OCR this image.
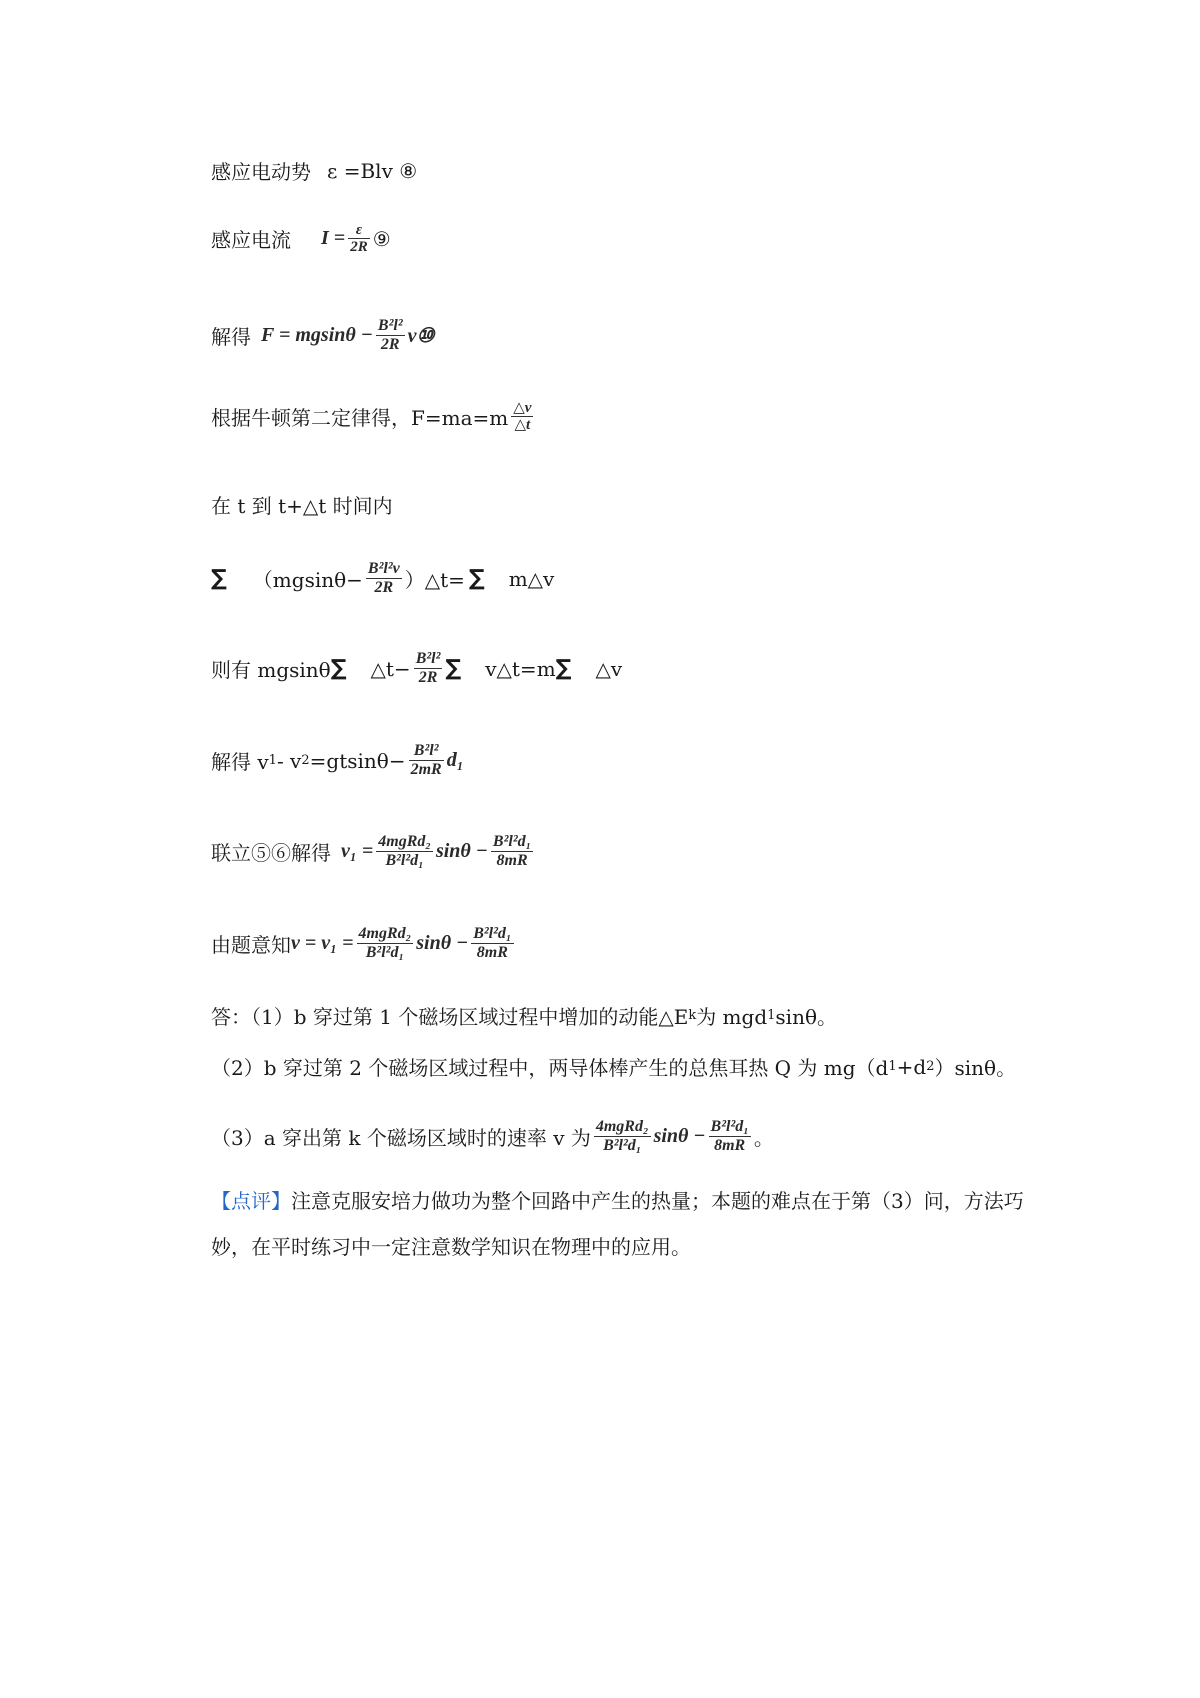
感应电动势 ε =Blv ⑧
感应电流 $I = \frac{\varepsilon}{2R}$ ⑨
解得 $F = mgsin\theta - \frac{\text{B²l²}}{2R}$ v⑩
根据牛顿第二定律得，$F=ma=m \frac{\triangle v}{\triangle t}$
在 t 到 t+△t 时间内
∑ （$mgsin\theta- \frac{\text{B²l²v}}{2R}$ ）△t= ∑ m△v
则有 mgsinθ ∑ △t− $\frac{\text{B²l²}}{2R}$ ∑ v△t=m ∑ △v
解得 v 1 - v $2 =gtsin\theta- \frac{\text{B²l²}}{2mR} d_1$
联立⑤⑥解得 $v_1 = \frac{\text{4mgRd₂}}{\text{B²l²d₁}}$ $\sin\theta - \frac{\text{B²l²d₁}}{8mR}$
由题意知 $v = v_1 = \frac{\text{4mgRd₂}}{\text{B²l²d₁}}$ $\sin\theta - \frac{\text{B²l²d₁}}{8mR}$
答：（1）b 穿过第 1 个磁场区域过程中增加的动能△E k 为 mgd 1 sinθ。
（2）b 穿过第 2 个磁场区域过程中，两导体棒产生的总焦耳热 Q 为 mg（d 1 +d 2 ）sinθ。
（3）a 穿出第 k 个磁场区域时的速率 v 为 $\frac{\text{4mgRd₂}}{\text{B²l²d₁}}$ $\sin\theta - \frac{\text{B²l²d₁}}{8mR}$ 。
【点评】注意克服安培力做功为整个回路中产生的热量；本题的难点在于第（3）问，方法巧妙，在平时练习中一定注意数学知识在物理中的应用。
